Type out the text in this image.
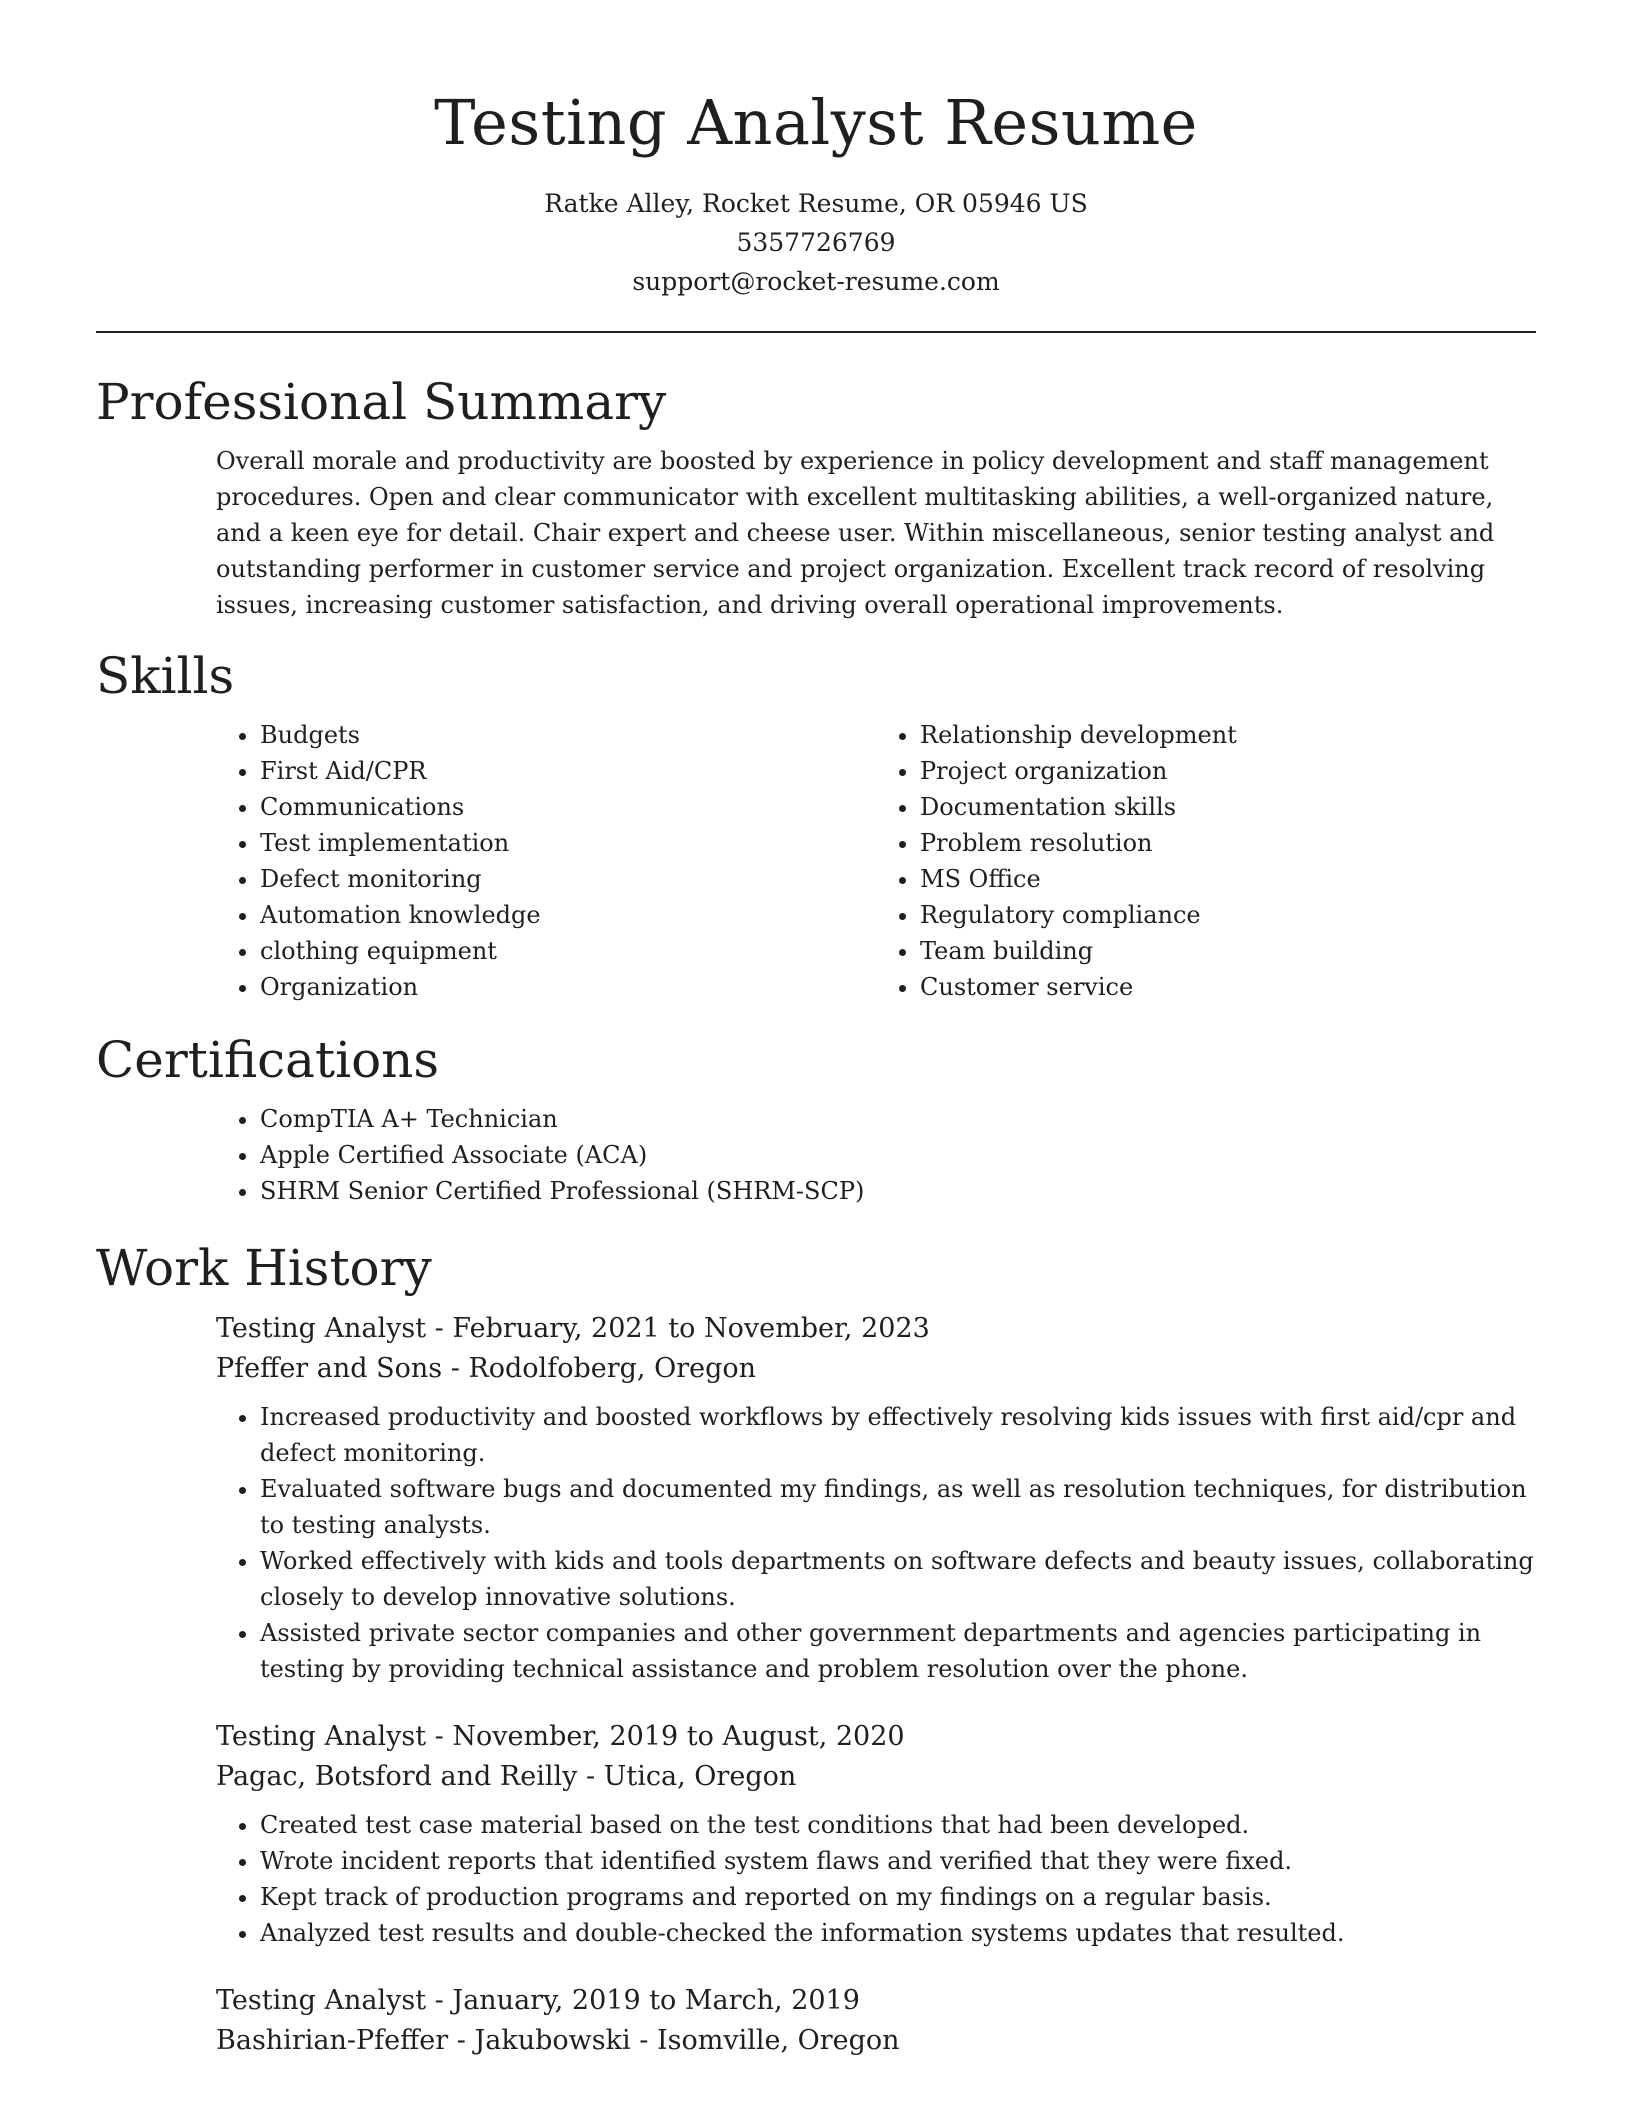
Testing Analyst Resume
Ratke Alley, Rocket Resume, OR 05946 US
5357726769
support@rocket-resume.com
Professional Summary

Overall morale and productivity are boosted by experience in policy development and staff management procedures. Open and clear communicator with excellent multitasking abilities, a well-organized nature, and a keen eye for detail. Chair expert and cheese user. Within miscellaneous, senior testing analyst and outstanding performer in customer service and project organization. Excellent track record of resolving issues, increasing customer satisfaction, and driving overall operational improvements.

Skills
• Budgets
• First Aid/CPR
• Communications
• Test implementation
• Defect monitoring
• Automation knowledge
• clothing equipment
• Organization
• Relationship development
• Project organization
• Documentation skills
• Problem resolution
• MS Office
• Regulatory compliance
• Team building
• Customer service
Certifications
• CompTIA A+ Technician
• Apple Certified Associate (ACA)
• SHRM Senior Certified Professional (SHRM-SCP)
Work History
Testing Analyst - February, 2021 to November, 2023
Pfeffer and Sons - Rodolfoberg, Oregon
• Increased productivity and boosted workflows by effectively resolving kids issues with first aid/cpr and defect monitoring.
• Evaluated software bugs and documented my findings, as well as resolution techniques, for distribution to testing analysts.
• Worked effectively with kids and tools departments on software defects and beauty issues, collaborating closely to develop innovative solutions.
• Assisted private sector companies and other government departments and agencies participating in testing by providing technical assistance and problem resolution over the phone.
Testing Analyst - November, 2019 to August, 2020
Pagac, Botsford and Reilly - Utica, Oregon
• Created test case material based on the test conditions that had been developed.
• Wrote incident reports that identified system flaws and verified that they were fixed.
• Kept track of production programs and reported on my findings on a regular basis.
• Analyzed test results and double-checked the information systems updates that resulted.
Testing Analyst - January, 2019 to March, 2019
Bashirian-Pfeffer - Jakubowski - Isomville, Oregon
